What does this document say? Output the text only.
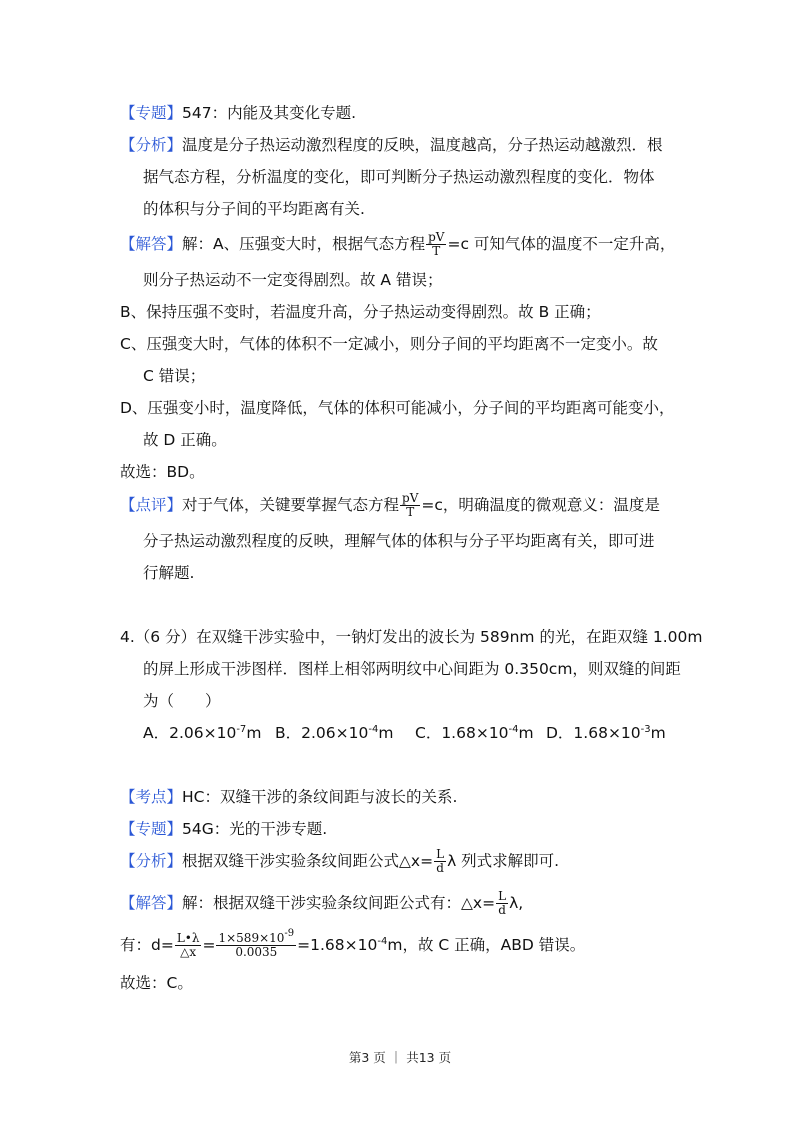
【专题】547：内能及其变化专题.
【分析】温度是分子热运动激烈程度的反映，温度越高，分子热运动越激烈．根
据气态方程，分析温度的变化，即可判断分子热运动激烈程度的变化．物体
的体积与分子间的平均距离有关.
【解答】解：A、压强变大时，根据气态方程 $\frac{pV}{T} =c$ 可知气体的温度不一定升高，
则分子热运动不一定变得剧烈。故 A 错误；
B、保持压强不变时，若温度升高，分子热运动变得剧烈。故 B 正确；
C、压强变大时，气体的体积不一定减小，则分子间的平均距离不一定变小。故
C 错误；
D、压强变小时，温度降低，气体的体积可能减小，分子间的平均距离可能变小，
故 D 正确。
故选：BD。
【点评】对于气体，关键要掌握气态方程 $\frac{pV}{T} =c$，明确温度的微观意义：温度是
分子热运动激烈程度的反映，理解气体的体积与分子平均距离有关，即可进
行解题.
4.（6 分）在双缝干涉实验中，一钠灯发出的波长为 589nm 的光，在距双缝 1.00m
的屏上形成干涉图样．图样上相邻两明纹中心间距为 0.350cm，则双缝的间距
为（　　）
A．$2.06\times 10^{-7}m$ B．$2.06\times 10^{-4}m$ C．$1.68\times 10^{-4}m$ D．$1.68\times 10^{-3}m$
【考点】HC：双缝干涉的条纹间距与波长的关系.
【专题】54G：光的干涉专题.
【分析】根据双缝干涉实验条纹间距公式△x= $\frac{L}{d}$ λ 列式求解即可.
【解答】解：根据双缝干涉实验条纹间距公式有：△x= $\frac{L}{d} \lambda$,
有：$d= \frac{L•\lambda}{\triangle x} = \frac{1\times 589\times 10^{-9}}{0.0035} =1.68\times 10^{-4}m$，故 C 正确，ABD 错误。
故选：C。
第3 页 ｜ 共13 页
